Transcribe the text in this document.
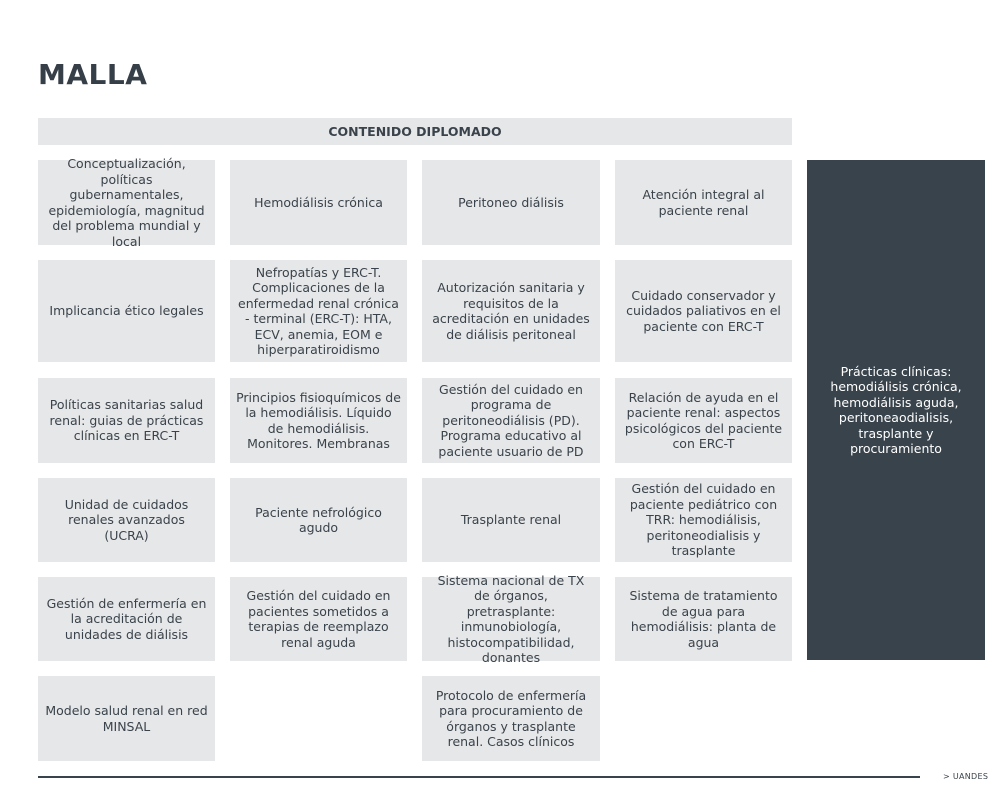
MALLA
CONTENIDO DIPLOMADO
Conceptualización, políticas gubernamentales, epidemiología, magnitud del problema mundial y local
Implicancia ético legales
Políticas sanitarias salud renal: guias de prácticas clínicas en ERC-T
Unidad de cuidados renales avanzados (UCRA)
Gestión de enfermería en la acreditación de unidades de diálisis
Modelo salud renal en red MINSAL
Hemodiálisis crónica
Nefropatías y ERC-T. Complicaciones de la enfermedad renal crónica - terminal (ERC-T): HTA, ECV, anemia, EOM e hiperparatiroidismo
Principios fisioquímicos de la hemodiálisis. Líquido de hemodiálisis. Monitores. Membranas
Paciente nefrológico agudo
Gestión del cuidado en pacientes sometidos a terapias de reemplazo renal aguda
Peritoneo diálisis
Autorización sanitaria y requisitos de la acreditación en unidades de diálisis peritoneal
Gestión del cuidado en programa de peritoneodiálisis (PD). Programa educativo al paciente usuario de PD
Trasplante renal
Sistema nacional de TX de órganos, pretrasplante: inmunobiología, histocompatibilidad, donantes
Protocolo de enfermería para procuramiento de órganos y trasplante renal. Casos clínicos
Atención integral al paciente renal
Cuidado conservador y cuidados paliativos en el paciente con ERC-T
Relación de ayuda en el paciente renal: aspectos psicológicos del paciente con ERC-T
Gestión del cuidado en paciente pediátrico con TRR: hemodiálisis, peritoneodialisis y trasplante
Sistema de tratamiento de agua para hemodiálisis: planta de agua
Prácticas clínicas: hemodiálisis crónica, hemodiálisis aguda, peritoneaodialisis, trasplante y procuramiento
> UANDES
